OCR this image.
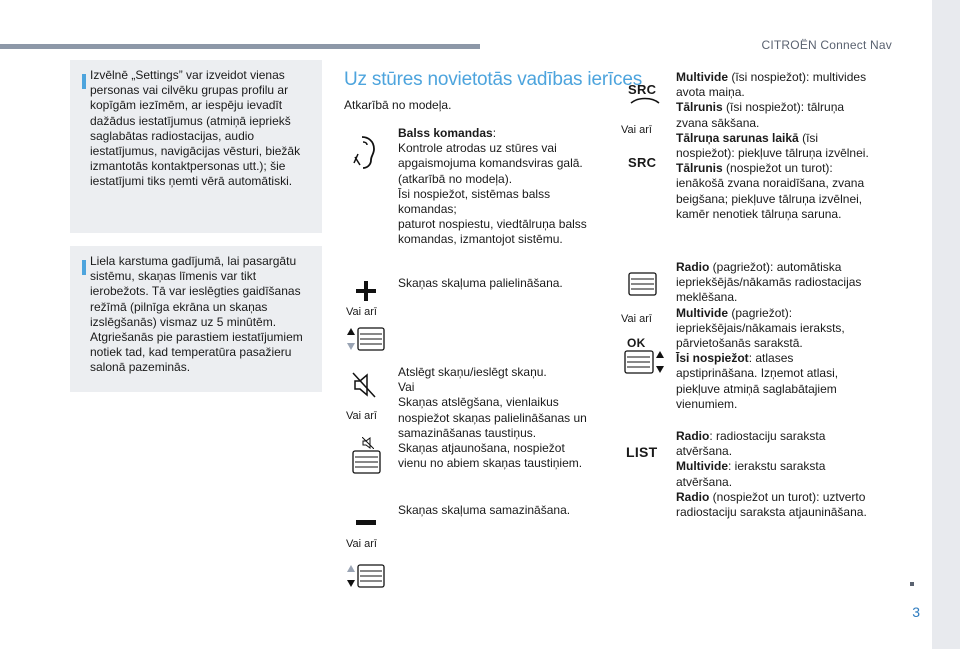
CITROËN Connect Nav
3

Izvēlnē „Settings” var izveidot vienas personas vai cilvēku grupas profilu ar kopīgām iezīmēm, ar iespēju ievadīt dažādus iestatījumus (atmiņā iepriekš saglabātas radiostacijas, audio iestatījumus, navigācijas vēsturi, biežāk izmantotās kontaktpersonas utt.); šie iestatījumi tiks ņemti vērā automātiski.

Liela karstuma gadījumā, lai pasargātu sistēmu, skaņas līmenis var tikt ierobežots. Tā var ieslēgties gaidīšanas režīmā (pilnīga ekrāna un skaņas izslēgšanās) vismaz uz 5 minūtēm. Atgriešanās pie parastiem iestatījumiem notiek tad, kad temperatūra pasažieru salonā pazeminās.

Uz stūres novietotās vadības ierīces
Atkarībā no modeļa.
Vai arī
Vai arī
Vai arī

Balss komandas:
Kontrole atrodas uz stūres vai apgaismojuma komandsviras galā.
(atkarībā no modeļa).
Īsi nospiežot, sistēmas balss komandas;
paturot nospiestu, viedtālruņa balss komandas, izmantojot sistēmu.

Skaņas skaļuma palielināšana.

Atslēgt skaņu/ieslēgt skaņu.
Vai
Skaņas atslēgšana, vienlaikus nospiežot skaņas palielināšanas un samazināšanas taustiņus.
Skaņas atjaunošana, nospiežot vienu no abiem skaņas taustiņiem.

Skaņas skaļuma samazināšana.

SRC
Vai arī
SRC
Vai arī
OK
LIST

Multivide (īsi nospiežot): multivides avota maiņa.
Tālrunis (īsi nospiežot): tālruņa zvana sākšana.
Tālruņa sarunas laikā (īsi nospiežot): piekļuve tālruņa izvēlnei.
Tālrunis (nospiežot un turot): ienākošā zvana noraidīšana, zvana beigšana; piekļuve tālruņa izvēlnei, kamēr nenotiek tālruņa saruna.

Radio (pagriežot): automātiska iepriekšējās/nākamās radiostacijas meklēšana.
Multivide (pagriežot): iepriekšējais/nākamais ieraksts, pārvietošanās sarakstā.
Īsi nospiežot: atlases apstiprināšana. Izņemot atlasi, piekļuve atmiņā saglabātajiem vienumiem.

Radio: radiostaciju saraksta atvēršana.
Multivide: ierakstu saraksta atvēršana.
Radio (nospiežot un turot): uztverto radiostaciju saraksta atjaunināšana.
